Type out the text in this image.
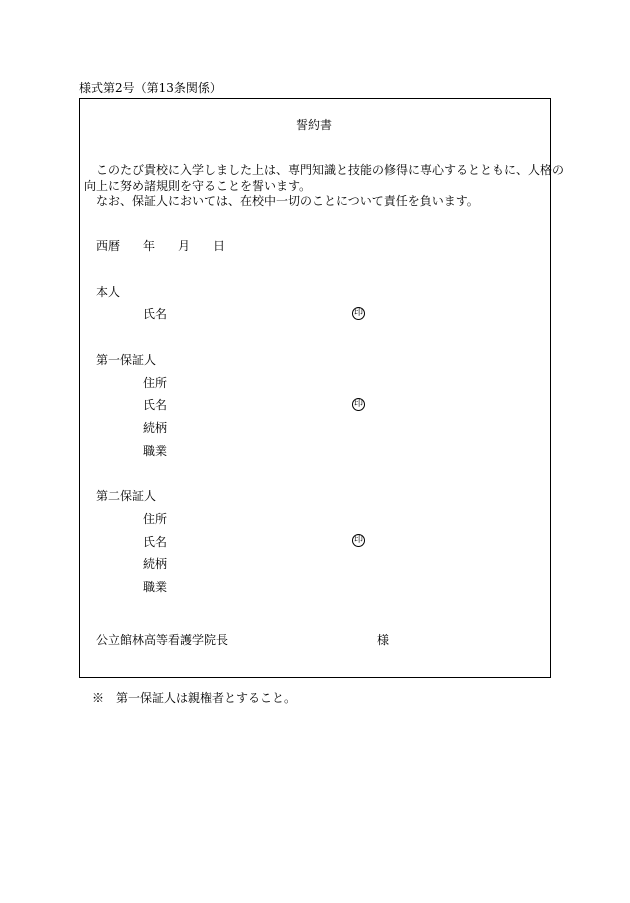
様式第2号（第13条関係）
誓約書
このたび貴校に入学しました上は、専門知識と技能の修得に専心するとともに、人格の
向上に努め諸規則を守ることを誓います。
なお、保証人においては、在校中一切のことについて責任を負います。
西暦 年 月 日
本人
氏名	印
第一保証人
住所
氏名	印
続柄
職業
第二保証人
住所
氏名	印
続柄
職業
公立館林高等看護学院長	様
※　第一保証人は親権者とすること。
